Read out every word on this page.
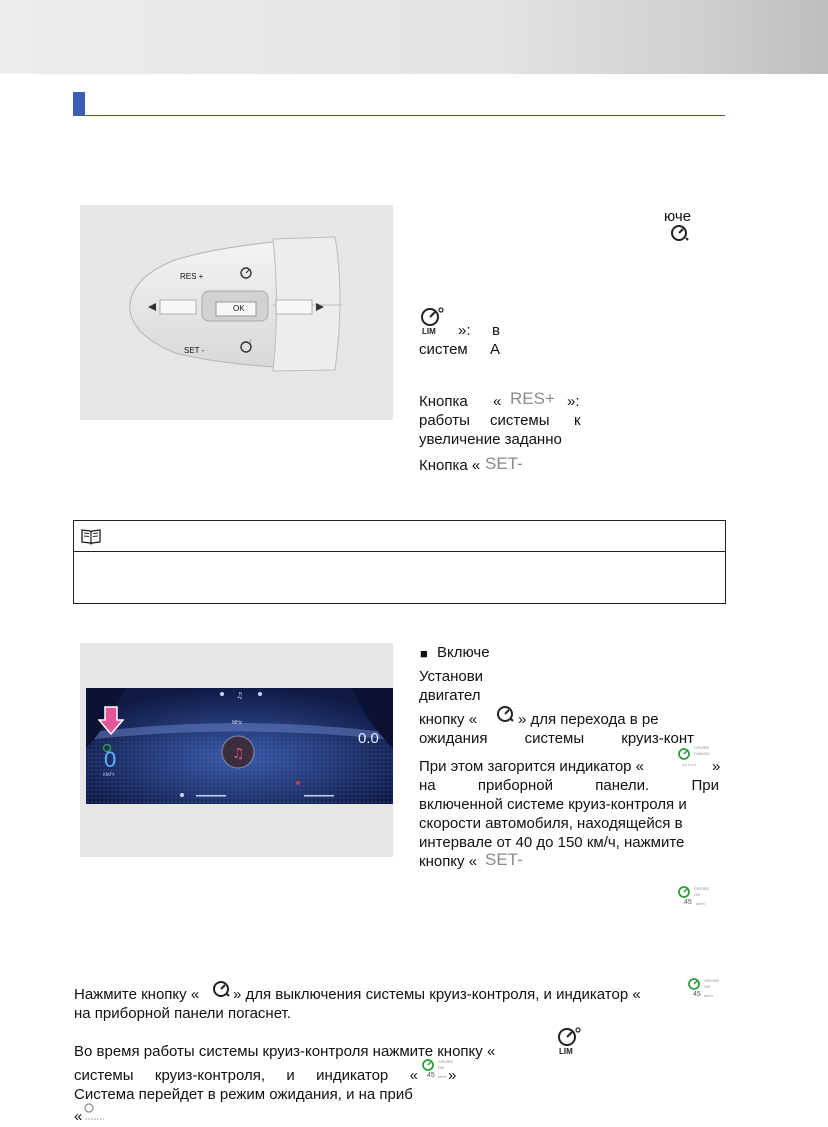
↑
RES +
SET -
OK
юче
LIM »: в
систем А
Кнопка « RES+ »:
работы системы к
увеличение заданно
Кнопка « SET-
♫
♫
0
км/ч
0.0
MHz
■ Включе
Установи
двигател
кнопку «	» для перехода в ре
ожидания системы круиз-конт
При этом загорится индикатор «
CRUISE
CANCEL
»
на	приборной	панели.	При
включенной системе круиз-контроля и
скорости автомобиля, находящейся в
интервале от 40 до 150 км/ч, нажмите
кнопку « SET-
CRUISE
ON
45 km/h
Нажмите кнопку « » для выключения системы круиз-контроля, и индикатор «
CRUISE
ON
45 km/h
на приборной панели погаснет.
Во время работы системы круиз-контроля нажмите кнопку «	LIM
системы круиз-контроля, и индикатор «
CRUISE
ON
45 km/h »
Система перейдет в режим ожидания, и на приб
«
